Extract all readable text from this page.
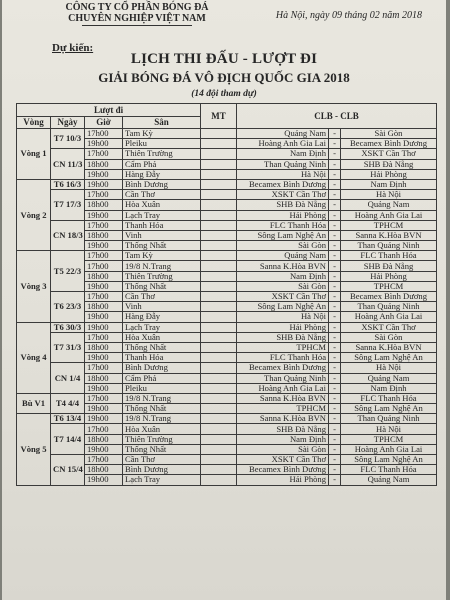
CÔNG TY CỔ PHẦN BÓNG ĐÁ
CHUYÊN NGHIỆP VIỆT NAM	Hà Nội, ngày 09 tháng 02 năm 2018
Dự kiến:
LỊCH THI ĐẤU - LƯỢT ĐI
GIẢI BÓNG ĐÁ VÔ ĐỊCH QUỐC GIA 2018
(14 đội tham dự)
Lượt đi				MT	CLB - CLB		
Vòng	Ngày	Giờ	Sân				
Vòng 1	T7 10/3	17h00	Tam Kỳ		Quảng Nam	-	Sài Gòn
		19h00	Pleiku		Hoàng Anh Gia Lai	-	Becamex Bình Dương
	CN 11/3	17h00	Thiên Trường		Nam Định	-	XSKT Cần Thơ
		18h00	Cẩm Phả		Than Quảng Ninh	-	SHB Đà Nẵng
		19h00	Hàng Đẫy		Hà Nội	-	Hải Phòng
Vòng 2	T6 16/3	19h00	Bình Dương		Becamex Bình Dương	-	Nam Định
	T7 17/3	17h00	Cần Thơ		XSKT Cần Thơ	-	Hà Nội
		18h00	Hòa Xuân		SHB Đà Nẵng	-	Quảng Nam
		19h00	Lạch Tray		Hải Phòng	-	Hoàng Anh Gia Lai
	CN 18/3	17h00	Thanh Hóa		FLC Thanh Hóa	-	TPHCM
		18h00	Vinh		Sông Lam Nghệ An	-	Sanna K.Hòa BVN
		19h00	Thống Nhất		Sài Gòn	-	Than Quảng Ninh
Vòng 3	T5 22/3	17h00	Tam Kỳ		Quảng Nam	-	FLC Thanh Hóa
		17h00	19/8 N.Trang		Sanna K.Hòa BVN	-	SHB Đà Nẵng
		18h00	Thiên Trường		Nam Định	-	Hải Phòng
		19h00	Thống Nhất		Sài Gòn	-	TPHCM
	T6 23/3	17h00	Cần Thơ		XSKT Cần Thơ	-	Becamex Bình Dương
		18h00	Vinh		Sông Lam Nghệ An	-	Than Quảng Ninh
		19h00	Hàng Đẫy		Hà Nội	-	Hoàng Anh Gia Lai
Vòng 4	T6 30/3	19h00	Lạch Tray		Hải Phòng	-	XSKT Cần Thơ
	T7 31/3	17h00	Hòa Xuân		SHB Đà Nẵng	-	Sài Gòn
		18h00	Thống Nhất		TPHCM	-	Sanna K.Hòa BVN
		19h00	Thanh Hóa		FLC Thanh Hóa	-	Sông Lam Nghệ An
	CN 1/4	17h00	Bình Dương		Becamex Bình Dương	-	Hà Nội
		18h00	Cẩm Phả		Than Quảng Ninh	-	Quảng Nam
		19h00	Pleiku		Hoàng Anh Gia Lai	-	Nam Định
Bù V1	T4 4/4	17h00	19/8 N.Trang		Sanna K.Hòa BVN	-	FLC Thanh Hóa
		19h00	Thống Nhất		TPHCM	-	Sông Lam Nghệ An
Vòng 5	T6 13/4	19h00	19/8 N.Trang		Sanna K.Hòa BVN	-	Than Quảng Ninh
	T7 14/4	17h00	Hòa Xuân		SHB Đà Nẵng	-	Hà Nội
		18h00	Thiên Trường		Nam Định	-	TPHCM
		19h00	Thống Nhất		Sài Gòn	-	Hoàng Anh Gia Lai
	CN 15/4	17h00	Cần Thơ		XSKT Cần Thơ	-	Sông Lam Nghệ An
		18h00	Bình Dương		Becamex Bình Dương	-	FLC Thanh Hóa
		19h00	Lạch Tray		Hải Phòng	-	Quảng Nam
